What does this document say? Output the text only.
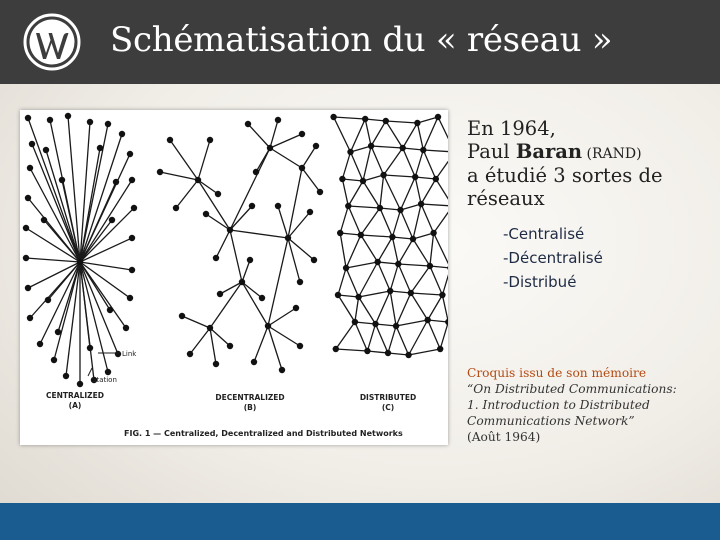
Schématisation du « réseau »
Link
Station
CENTRALIZED
(A)
DECENTRALIZED
(B)
DISTRIBUTED
(C)
FIG. 1 — Centralized, Decentralized and Distributed Networks
En 1964,
Paul Baran (RAND)
a étudié 3 sortes de
réseaux
-Centralisé
-Décentralisé
-Distribué
Croquis issu de son mémoire
“On Distributed Communications:
1. Introduction to Distributed
Communications Network”
(Août 1964)
